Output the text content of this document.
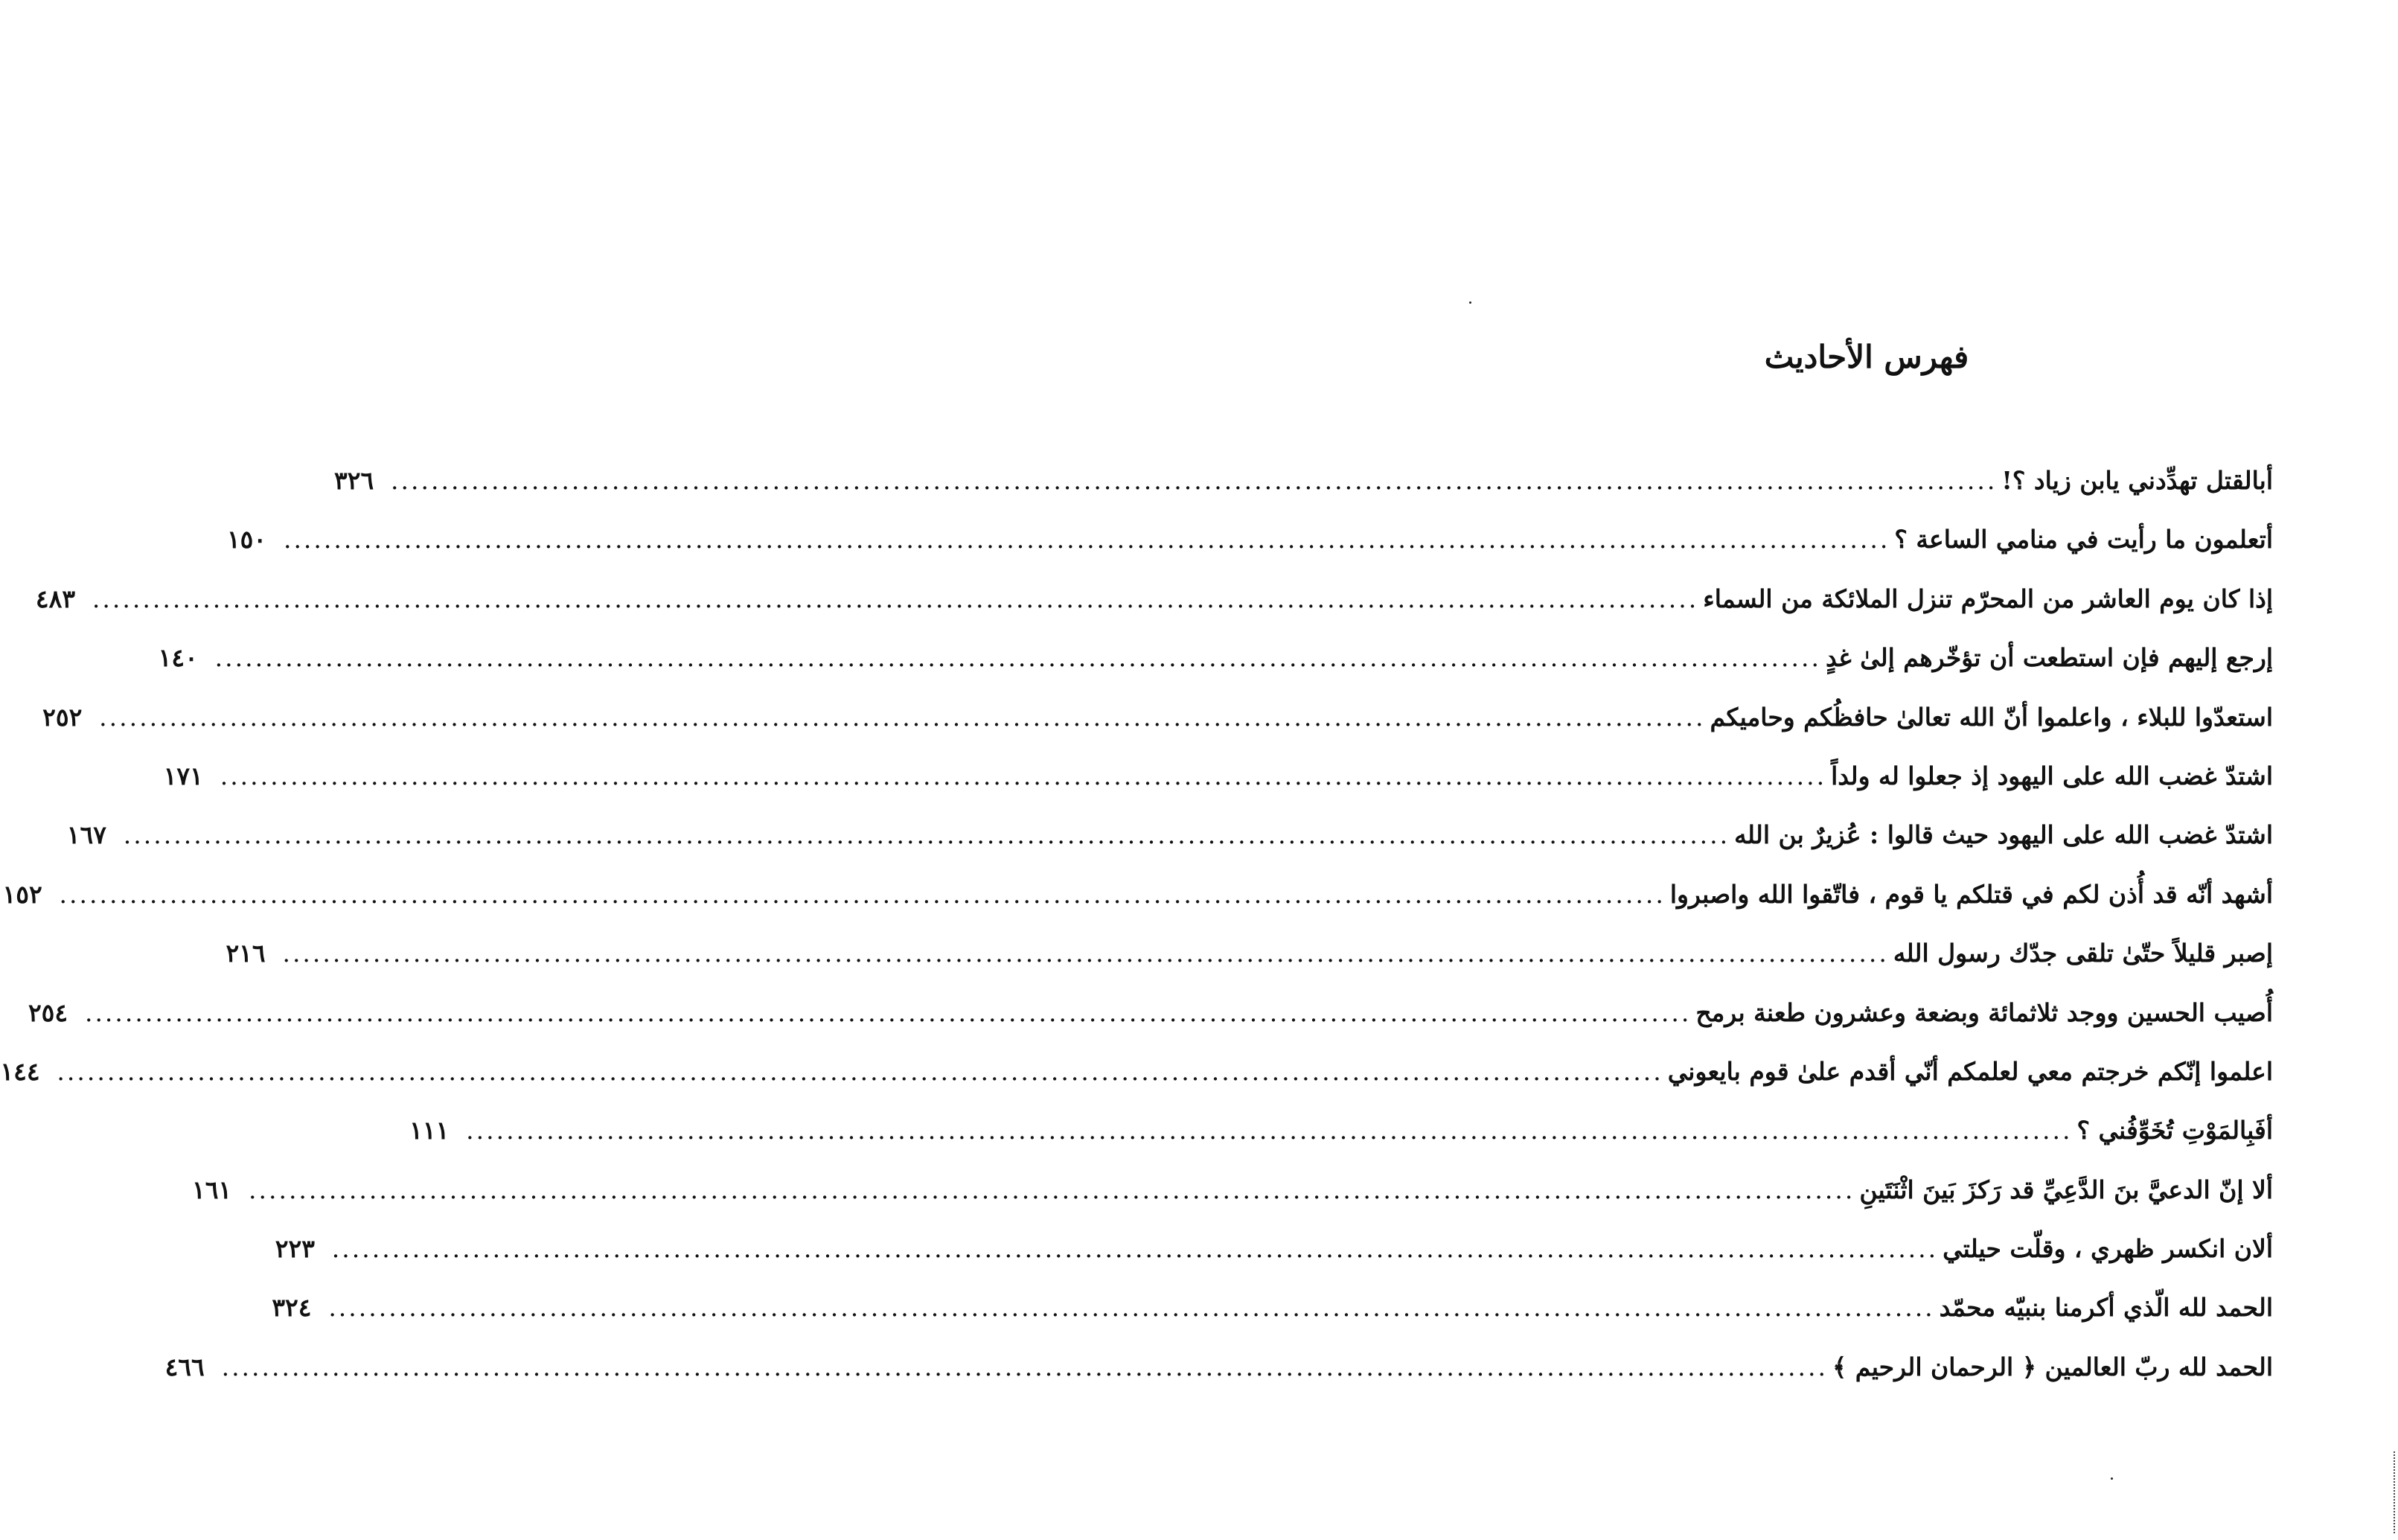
فهرس الأحاديث
أبالقتل تهدِّدني يابن زياد ؟!
................................................................................................................................................................
٣٢٦
أتعلمون ما رأيت في منامي الساعة ؟
................................................................................................................................................................
١٥٠
إذا كان يوم العاشر من المحرّم تنزل الملائكة من السماء
................................................................................................................................................................
٤٨٣
إرجع إليهم فإن استطعت أن تؤخّرهم إلىٰ غدٍ
................................................................................................................................................................
١٤٠
استعدّوا للبلاء ، واعلموا أنّ الله تعالىٰ حافظُكم وحاميكم
................................................................................................................................................................
٢٥٢
اشتدّ غضب الله على اليهود إذ جعلوا له ولداً
................................................................................................................................................................
١٧١
اشتدّ غضب الله على اليهود حيث قالوا : عُزيرٌ بن الله
................................................................................................................................................................
١٦٧
أشهد أنّه قد أُذن لكم في قتلكم يا قوم ، فاتّقوا الله واصبروا
................................................................................................................................................................
١٥٢
إصبر قليلاً حتّىٰ تلقى جدّك رسول الله
................................................................................................................................................................
٢١٦
أُصيب الحسين ووجد ثلاثمائة وبضعة وعشرون طعنة برمح
................................................................................................................................................................
٢٥٤
اعلموا إنّكم خرجتم معي لعلمكم أنّي أقدم علىٰ قوم بايعوني
................................................................................................................................................................
١٤٤
أفَبِالمَوْتِ تُخَوِّفُني ؟
................................................................................................................................................................
١١١
ألا إنّ الدعيَّ بنَ الدَّعِيِّ قد رَكزَ بَينَ اثْنَتَينِ
................................................................................................................................................................
١٦١
ألان انكسر ظهري ، وقلّت حيلتي
................................................................................................................................................................
٢٢٣
الحمد لله الّذي أكرمنا بنبيّه محمّد
................................................................................................................................................................
٣٢٤
الحمد لله ربّ العالمين ﴿ الرحمان الرحيم ﴾
................................................................................................................................................................
٤٦٦
